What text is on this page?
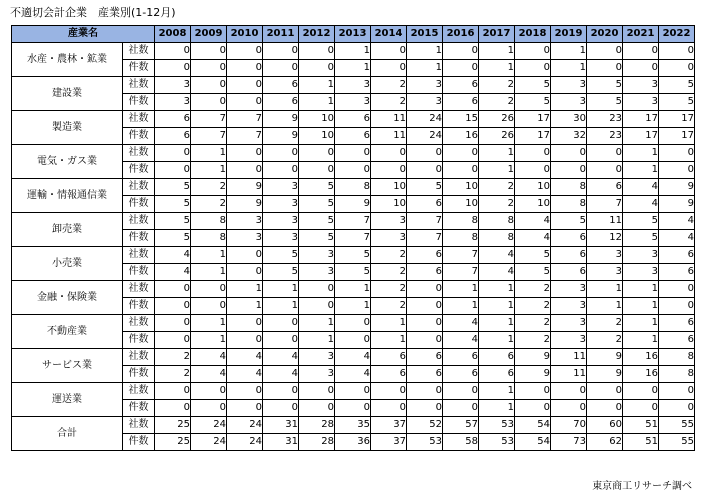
不適切会計企業　産業別(1-12月)
産業名		2008	2009	2010	2011	2012	2013	2014	2015	2016	2017	2018	2019	2020	2021	2022
水産・農林・鉱業	社数	0	0	0	0	0	1	0	1	0	1	0	1	0	0	0
	件数	0	0	0	0	0	1	0	1	0	1	0	1	0	0	0
建設業	社数	3	0	0	6	1	3	2	3	6	2	5	3	5	3	5
	件数	3	0	0	6	1	3	2	3	6	2	5	3	5	3	5
製造業	社数	6	7	7	9	10	6	11	24	15	26	17	30	23	17	17
	件数	6	7	7	9	10	6	11	24	16	26	17	32	23	17	17
電気・ガス業	社数	0	1	0	0	0	0	0	0	0	1	0	0	0	1	0
	件数	0	1	0	0	0	0	0	0	0	1	0	0	0	1	0
運輸・情報通信業	社数	5	2	9	3	5	8	10	5	10	2	10	8	6	4	9
	件数	5	2	9	3	5	9	10	6	10	2	10	8	7	4	9
卸売業	社数	5	8	3	3	5	7	3	7	8	8	4	5	11	5	4
	件数	5	8	3	3	5	7	3	7	8	8	4	6	12	5	4
小売業	社数	4	1	0	5	3	5	2	6	7	4	5	6	3	3	6
	件数	4	1	0	5	3	5	2	6	7	4	5	6	3	3	6
金融・保険業	社数	0	0	1	1	0	1	2	0	1	1	2	3	1	1	0
	件数	0	0	1	1	0	1	2	0	1	1	2	3	1	1	0
不動産業	社数	0	1	0	0	1	0	1	0	4	1	2	3	2	1	6
	件数	0	1	0	0	1	0	1	0	4	1	2	3	2	1	6
サービス業	社数	2	4	4	4	3	4	6	6	6	6	9	11	9	16	8
	件数	2	4	4	4	3	4	6	6	6	6	9	11	9	16	8
運送業	社数	0	0	0	0	0	0	0	0	0	1	0	0	0	0	0
	件数	0	0	0	0	0	0	0	0	0	1	0	0	0	0	0
合計	社数	25	24	24	31	28	35	37	52	57	53	54	70	60	51	55
	件数	25	24	24	31	28	36	37	53	58	53	54	73	62	51	55
東京商工リサーチ調べ
